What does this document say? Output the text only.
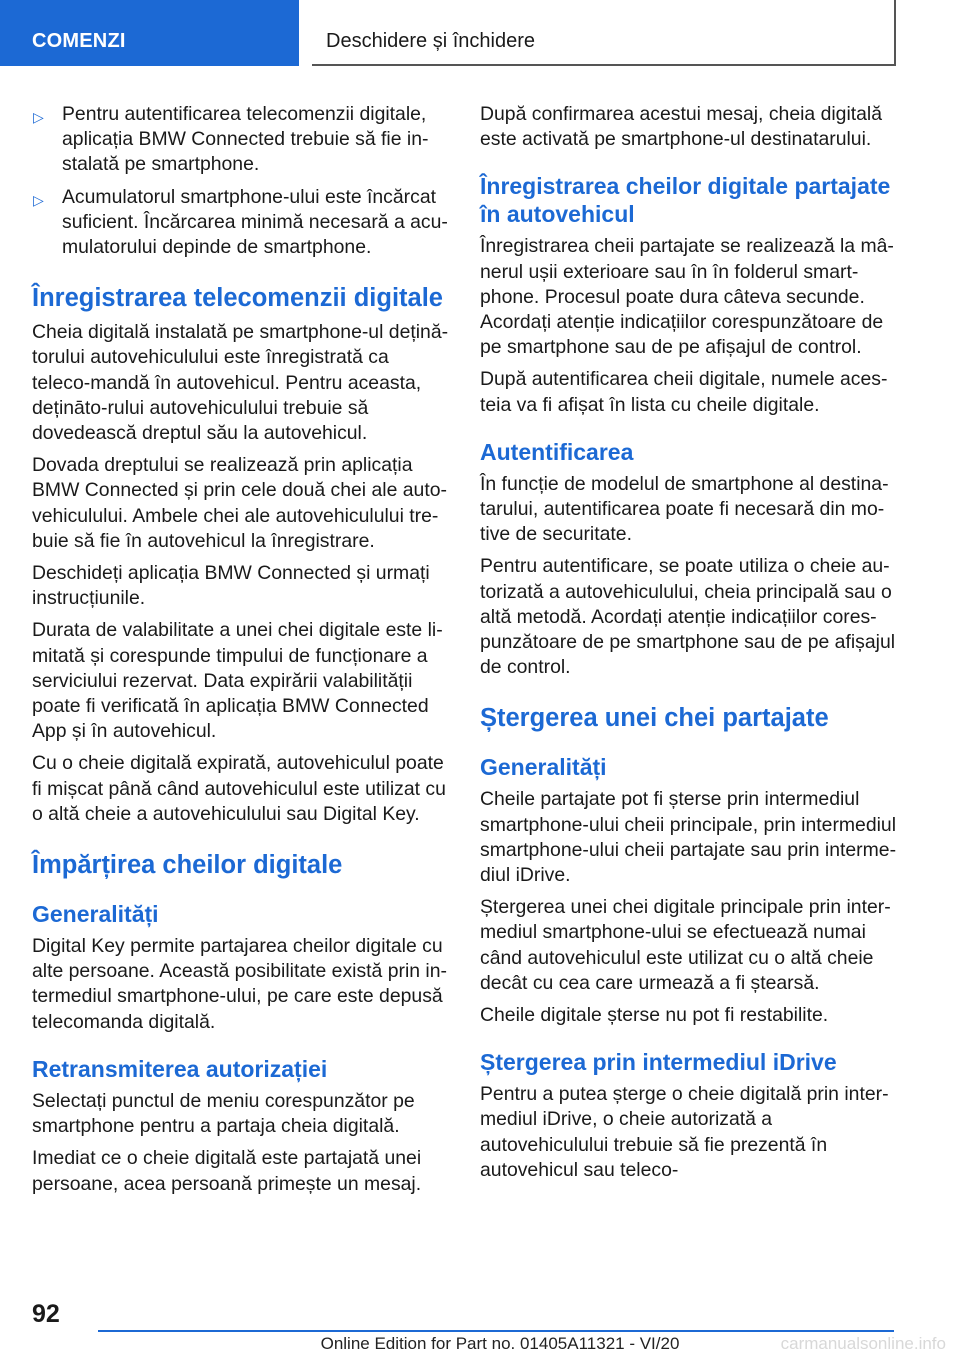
COMENZI	Deschidere și închidere
▷ Pentru autentificarea telecomenzii digitale, aplicația BMW Connected trebuie să fie in-stalată pe smartphone.
▷ Acumulatorul smartphone-ului este încărcat suficient. Încărcarea minimă necesară a acu-mulatorului depinde de smartphone.
Înregistrarea telecomenzii digitale

Cheia digitală instalată pe smartphone-ul dețină-torului autovehiculului este înregistrată ca teleco-mandă în autovehicul. Pentru aceasta, dețināto-rului autovehiculului trebuie să dovedească dreptul său la autovehicul.

Dovada dreptului se realizează prin aplicația BMW Connected și prin cele două chei ale auto-vehiculului. Ambele chei ale autovehiculului tre-buie să fie în autovehicul la înregistrare.

Deschideți aplicația BMW Connected și urmați instrucțiunile.

Durata de valabilitate a unei chei digitale este li-mitată și corespunde timpului de funcționare a serviciului rezervat. Data expirării valabilității poate fi verificată în aplicația BMW Connected App și în autovehicul.

Cu o cheie digitală expirată, autovehiculul poate fi mișcat până când autovehiculul este utilizat cu o altă cheie a autovehiculului sau Digital Key.

Împărțirea cheilor digitale
Generalități

Digital Key permite partajarea cheilor digitale cu alte persoane. Această posibilitate există prin in-termediul smartphone-ului, pe care este depusă telecomanda digitală.

Retransmiterea autorizației

Selectați punctul de meniu corespunzător pe smartphone pentru a partaja cheia digitală.

Imediat ce o cheie digitală este partajată unei persoane, acea persoană primește un mesaj.

După confirmarea acestui mesaj, cheia digitală este activată pe smartphone-ul destinatarului.

Înregistrarea cheilor digitale partajate în autovehicul

Înregistrarea cheii partajate se realizează la mâ-nerul ușii exterioare sau în în folderul smart-phone. Procesul poate dura câteva secunde. Acordați atenție indicațiilor corespunzătoare de pe smartphone sau de pe afișajul de control.

După autentificarea cheii digitale, numele aces-teia va fi afișat în lista cu cheile digitale.

Autentificarea

În funcție de modelul de smartphone al destina-tarului, autentificarea poate fi necesară din mo-tive de securitate.

Pentru autentificare, se poate utiliza o cheie au-torizată a autovehiculului, cheia principală sau o altă metodă. Acordați atenție indicațiilor cores-punzătoare de pe smartphone sau de pe afișajul de control.

Ștergerea unei chei partajate
Generalități

Cheile partajate pot fi șterse prin intermediul smartphone-ului cheii principale, prin intermediul smartphone-ului cheii partajate sau prin interme-diul iDrive.

Ștergerea unei chei digitale principale prin inter-mediul smartphone-ului se efectuează numai când autovehiculul este utilizat cu o altă cheie decât cu cea care urmează a fi ștearsă.

Cheile digitale șterse nu pot fi restabilite.

Ștergerea prin intermediul iDrive

Pentru a putea șterge o cheie digitală prin inter-mediul iDrive, o cheie autorizată a autovehiculului trebuie să fie prezentă în autovehicul sau teleco-

92
Online Edition for Part no. 01405A11321 - VI/20	carmanualsonline.info
